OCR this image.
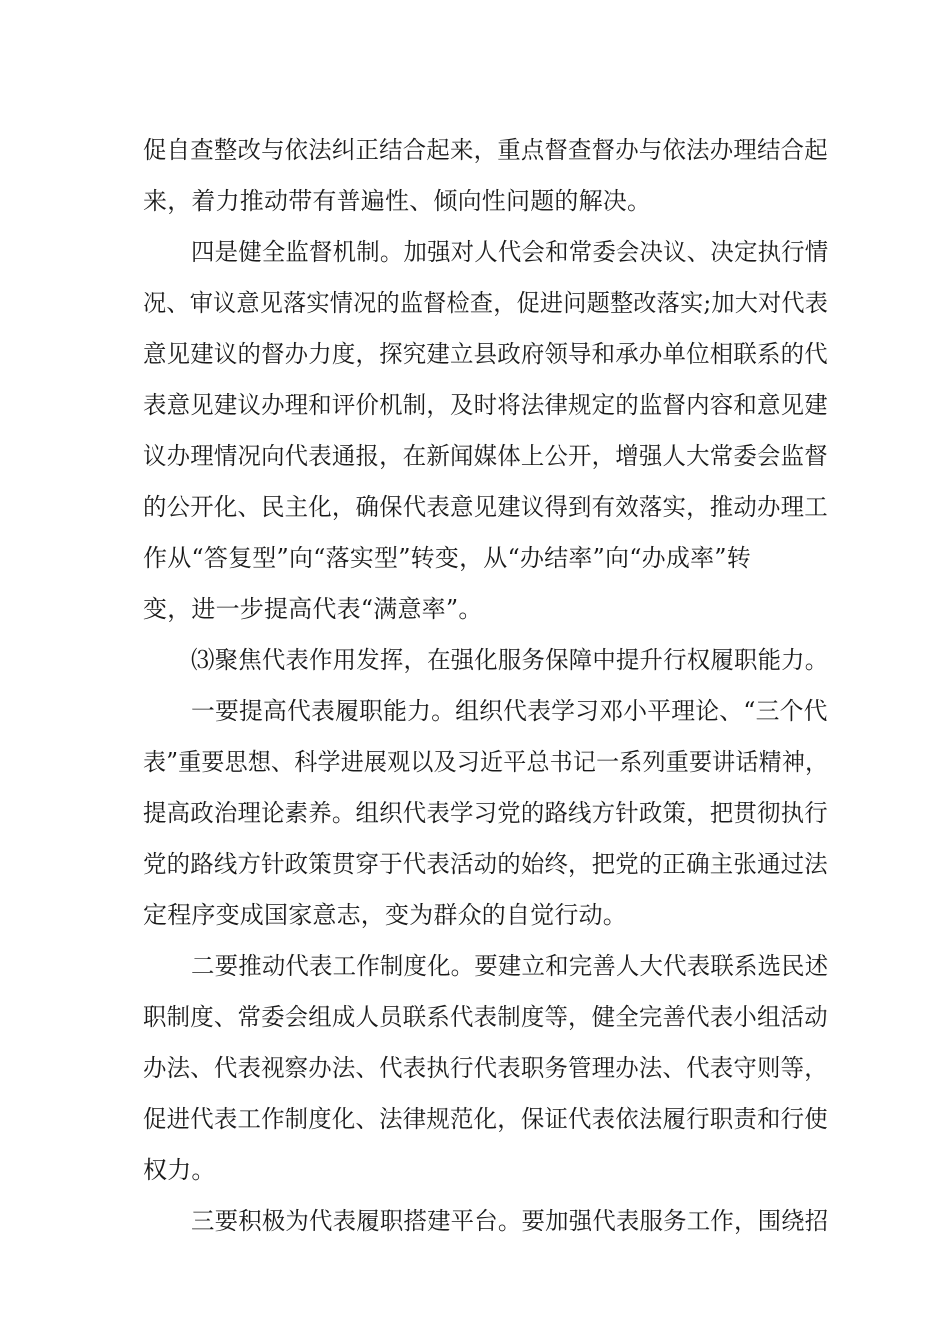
促自查整改与依法纠正结合起来，重点督查督办与依法办理结合起
来，着力推动带有普遍性、倾向性问题的解决。
四是健全监督机制。加强对人代会和常委会决议、决定执行情
况、审议意见落实情况的监督检查，促进问题整改落实;加大对代表
意见建议的督办力度，探究建立县政府领导和承办单位相联系的代
表意见建议办理和评价机制，及时将法律规定的监督内容和意见建
议办理情况向代表通报，在新闻媒体上公开，增强人大常委会监督
的公开化、民主化，确保代表意见建议得到有效落实，推动办理工
作从“答复型”向“落实型”转变，从“办结率”向“办成率”转
变，进一步提高代表“满意率”。
⑶聚焦代表作用发挥，在强化服务保障中提升行权履职能力。
一要提高代表履职能力。组织代表学习邓小平理论、“三个代
表”重要思想、科学进展观以及习近平总书记一系列重要讲话精神，
提高政治理论素养。组织代表学习党的路线方针政策，把贯彻执行
党的路线方针政策贯穿于代表活动的始终，把党的正确主张通过法
定程序变成国家意志，变为群众的自觉行动。
二要推动代表工作制度化。要建立和完善人大代表联系选民述
职制度、常委会组成人员联系代表制度等，健全完善代表小组活动
办法、代表视察办法、代表执行代表职务管理办法、代表守则等，
促进代表工作制度化、法律规范化，保证代表依法履行职责和行使
权力。
三要积极为代表履职搭建平台。要加强代表服务工作，围绕招
